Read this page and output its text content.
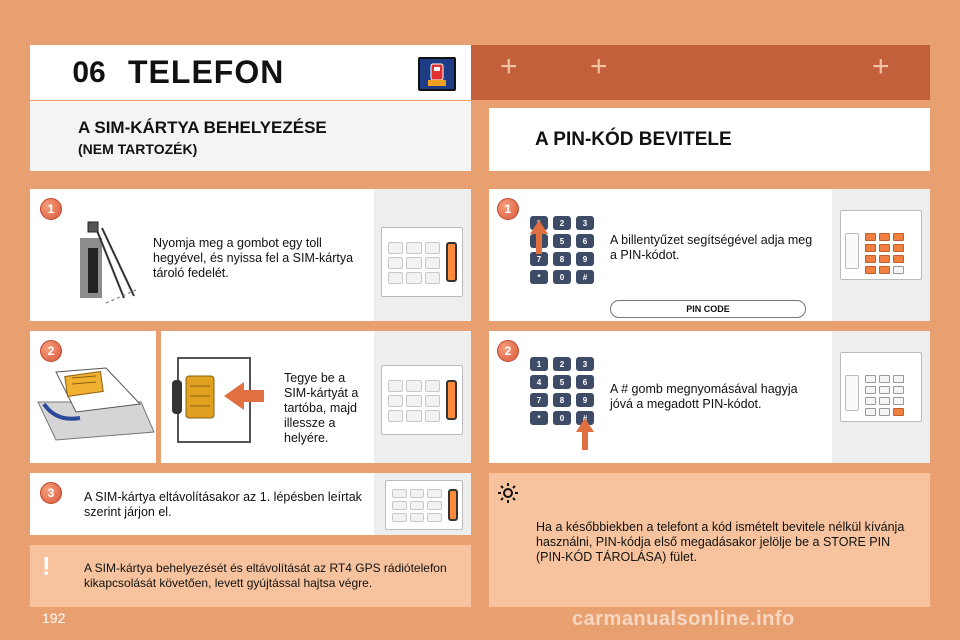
+ +	+
06 TELEFON
A SIM-KÁRTYA BEHELYEZÉSE
(NEM TARTOZÉK)	A PIN-KÓD BEVITELE
1
Nyomja meg a gombot egy toll hegyével, és nyissa fel a SIM-kártya tároló fedelét.
2
Tegye be a SIM-kártyát a tartóba, majd illessze a helyére.
3	A SIM-kártya eltávolításakor az 1. lépésben leírtak szerint járjon el.
!	A SIM-kártya behelyezését és eltávolítását az RT4 GPS rádiótelefon kikapcsolását követően, levett gyújtással hajtsa végre.
1
1	2	3
5	6
7	8	9
*	0	#
A billentyűzet segítségével adja meg a PIN-kódot.
PIN CODE
2
1	2	3
4	5	6
7	8	9
*	0	#
A # gomb megnyomásával hagyja jóvá a megadott PIN-kódot.
Ha a későbbiekben a telefont a kód ismételt bevitele nélkül kívánja használni, PIN-kódja első megadásakor jelölje be a STORE PIN (PIN-KÓD TÁROLÁSA) fület.
192	carmanualsonline.info
